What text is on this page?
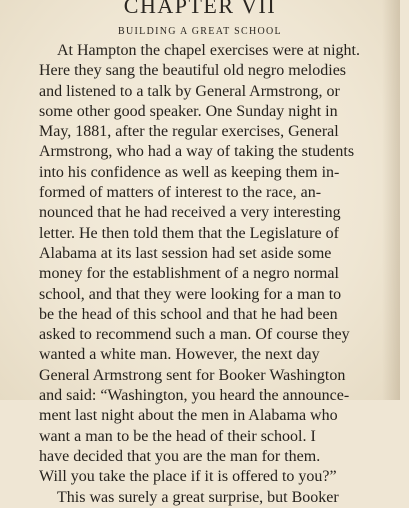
CHAPTER VII
BUILDING A GREAT SCHOOL
At Hampton the chapel exercises were at night.
Here they sang the beautiful old negro melodies
and listened to a talk by General Armstrong, or
some other good speaker. One Sunday night in
May, 1881, after the regular exercises, General
Armstrong, who had a way of taking the students
into his confidence as well as keeping them in-
formed of matters of interest to the race, an-
nounced that he had received a very interesting
letter. He then told them that the Legislature of
Alabama at its last session had set aside some
money for the establishment of a negro normal
school, and that they were looking for a man to
be the head of this school and that he had been
asked to recommend such a man. Of course they
wanted a white man. However, the next day
General Armstrong sent for Booker Washington
and said: “Washington, you heard the announce-
ment last night about the men in Alabama who
want a man to be the head of their school. I
have decided that you are the man for them.
Will you take the place if it is offered to you?”
This was surely a great surprise, but Booker
